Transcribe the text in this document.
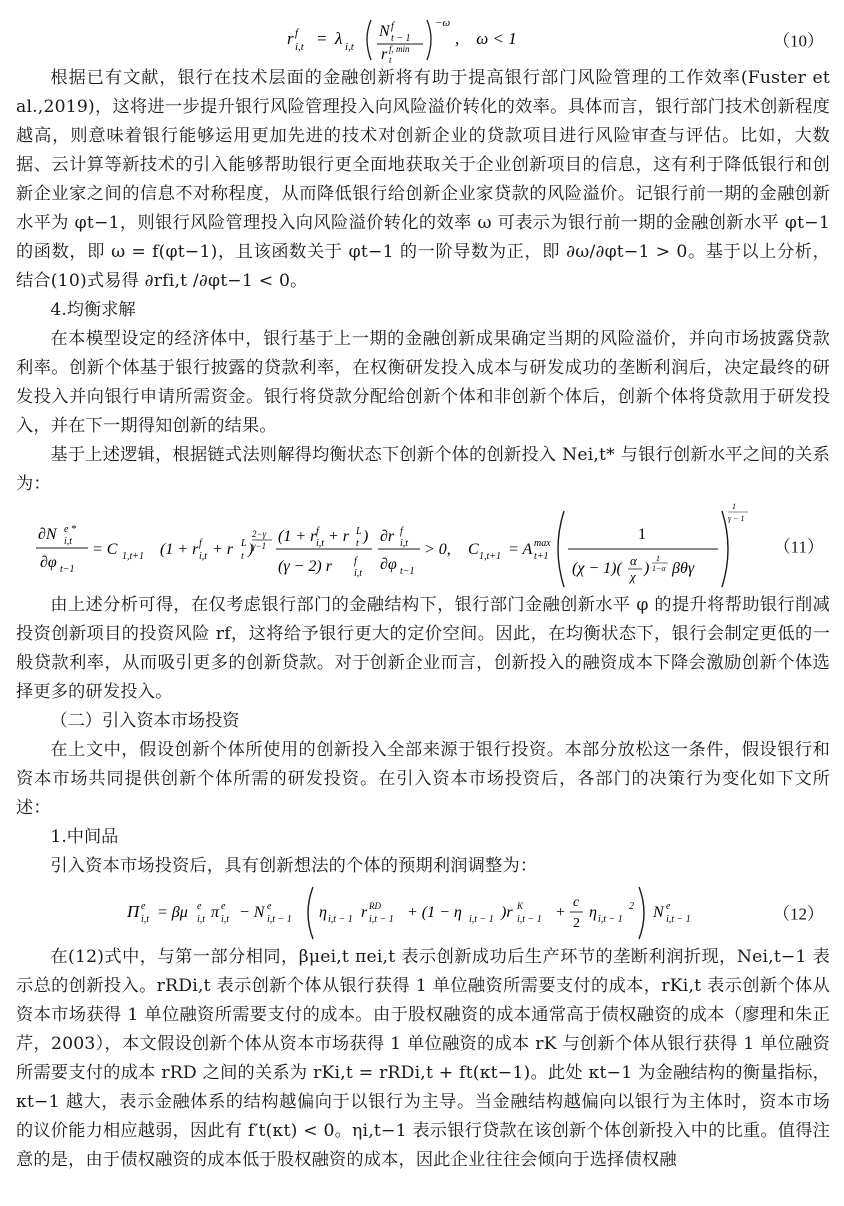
r f
i,t = λ i,t
N f
t − 1
r f, min
t
−ω
,    ω < 1	（10）

根据已有文献，银行在技术层面的金融创新将有助于提高银行部门风险管理的工作效率(Fuster et al.,2019)，这将进一步提升银行风险管理投入向风险溢价转化的效率。具体而言，银行部门技术创新程度越高，则意味着银行能够运用更加先进的技术对创新企业的贷款项目进行风险审查与评估。比如，大数据、云计算等新技术的引入能够帮助银行更全面地获取关于企业创新项目的信息，这有利于降低银行和创新企业家之间的信息不对称程度，从而降低银行给创新企业家贷款的风险溢价。记银行前一期的金融创新水平为 φt−1，则银行风险管理投入向风险溢价转化的效率 ω 可表示为银行前一期的金融创新水平 φt−1 的函数，即 ω = f(φt−1)，且该函数关于 φt−1 的一阶导数为正，即 ∂ω/∂φt−1 > 0。基于以上分析，结合(10)式易得 ∂rfi,t /∂φt−1 < 0。

4.均衡求解

在本模型设定的经济体中，银行基于上一期的金融创新成果确定当期的风险溢价，并向市场披露贷款利率。创新个体基于银行披露的贷款利率，在权衡研发投入成本与研发成功的垄断利润后，决定最终的研发投入并向银行申请所需资金。银行将贷款分配给创新个体和非创新个体后，创新个体将贷款用于研发投入，并在下一期得知创新的结果。

基于上述逻辑，根据链式法则解得均衡状态下创新个体的创新投入 Nei,t* 与银行创新水平之间的关系为：

∂N e *
i,t
∂φ t−1
= C 1,t+1 (1 + r f
i,t + r L
t )
2−γ
γ−1
(1 + r f
i,t + r L
t )
(γ − 2) r f
i,t
∂r f
i,t
∂φ t−1
> 0, C 1,t+1 = A max
t+1
1
(χ − 1)( α
χ )
1
1−α βθγ
1
γ − 1
（11）

由上述分析可得，在仅考虑银行部门的金融结构下，银行部门金融创新水平 φ 的提升将帮助银行削减投资创新项目的投资风险 rf，这将给予银行更大的定价空间。因此，在均衡状态下，银行会制定更低的一般贷款利率，从而吸引更多的创新贷款。对于创新企业而言，创新投入的融资成本下降会激励创新个体选择更多的研发投入。

（二）引入资本市场投资

在上文中，假设创新个体所使用的创新投入全部来源于银行投资。本部分放松这一条件，假设银行和资本市场共同提供创新个体所需的研发投资。在引入资本市场投资后，各部门的决策行为变化如下文所述：

1.中间品

引入资本市场投资后，具有创新想法的个体的预期利润调整为：

Π e
i,t = βμ e
i,t π e
i,t − N e
i,t − 1 η i,t − 1 r RD
i,t − 1 + (1 − η i,t − 1 )r K
i,t − 1 +
c
2
η i,t − 1
2 N e
i,t − 1	（12）

在(12)式中，与第一部分相同，βμei,t πei,t 表示创新成功后生产环节的垄断利润折现，Nei,t−1 表示总的创新投入。rRDi,t 表示创新个体从银行获得 1 单位融资所需要支付的成本，rKi,t 表示创新个体从资本市场获得 1 单位融资所需要支付的成本。由于股权融资的成本通常高于债权融资的成本（廖理和朱正芹，2003），本文假设创新个体从资本市场获得 1 单位融资的成本 rK 与创新个体从银行获得 1 单位融资所需要支付的成本 rRD 之间的关系为 rKi,t = rRDi,t + ft(κt−1)。此处 κt−1 为金融结构的衡量指标，κt−1 越大，表示金融体系的结构越偏向于以银行为主导。当金融结构越偏向以银行为主体时，资本市场的议价能力相应越弱，因此有 f′t(κt) < 0。ηi,t−1 表示银行贷款在该创新个体创新投入中的比重。值得注意的是，由于债权融资的成本低于股权融资的成本，因此企业往往会倾向于选择债权融
